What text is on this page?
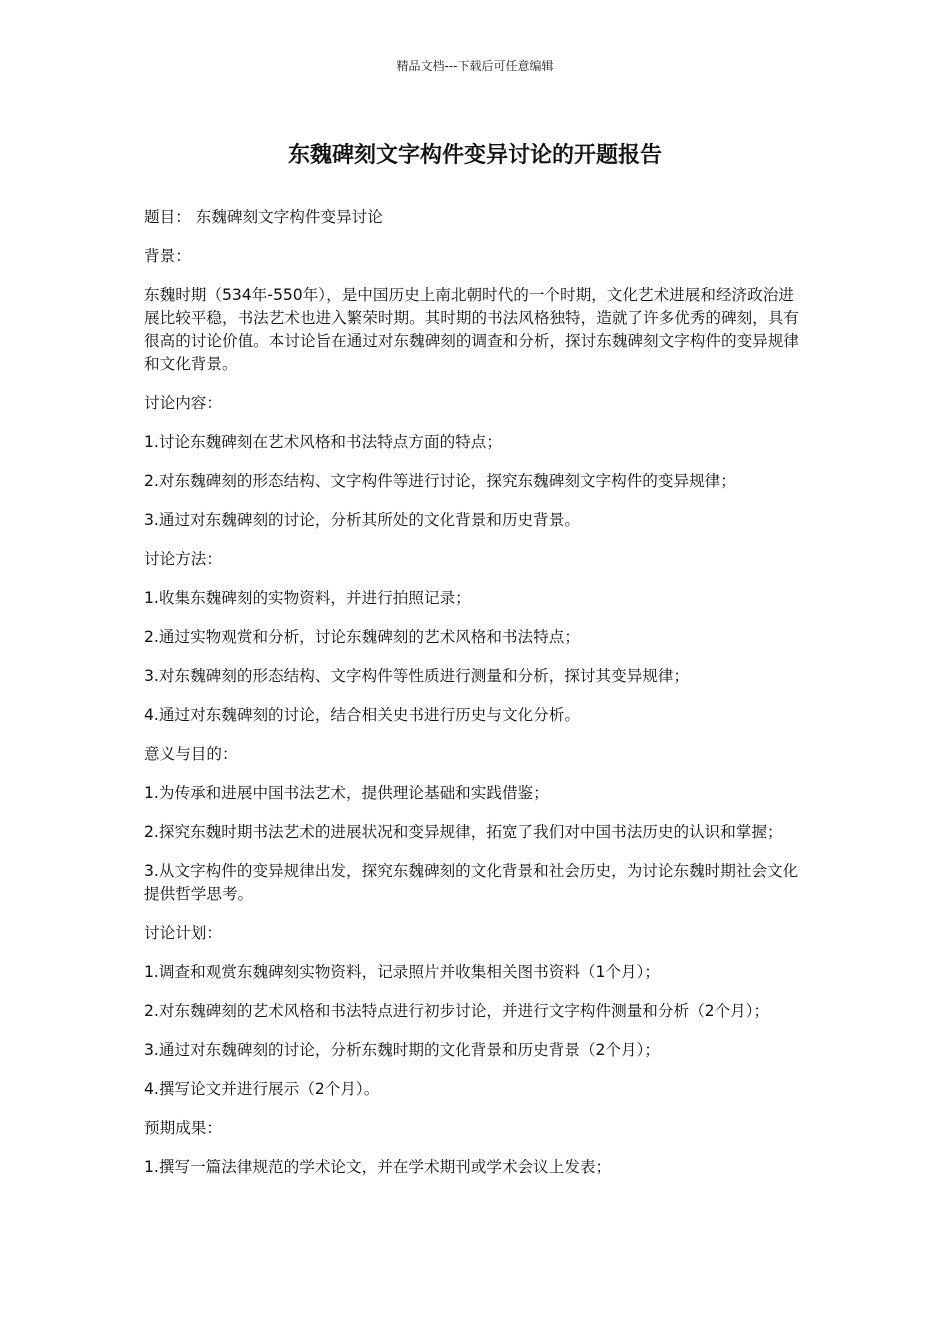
精品文档---下载后可任意编辑
东魏碑刻文字构件变异讨论的开题报告

题目： 东魏碑刻文字构件变异讨论

背景：

东魏时期（534年-550年），是中国历史上南北朝时代的一个时期，文化艺术进展和经济政治进展比较平稳，书法艺术也进入繁荣时期。其时期的书法风格独特，造就了许多优秀的碑刻，具有很高的讨论价值。本讨论旨在通过对东魏碑刻的调查和分析，探讨东魏碑刻文字构件的变异规律和文化背景。

讨论内容：

1.讨论东魏碑刻在艺术风格和书法特点方面的特点；

2.对东魏碑刻的形态结构、文字构件等进行讨论，探究东魏碑刻文字构件的变异规律；

3.通过对东魏碑刻的讨论，分析其所处的文化背景和历史背景。

讨论方法：

1.收集东魏碑刻的实物资料，并进行拍照记录；

2.通过实物观赏和分析，讨论东魏碑刻的艺术风格和书法特点；

3.对东魏碑刻的形态结构、文字构件等性质进行测量和分析，探讨其变异规律；

4.通过对东魏碑刻的讨论，结合相关史书进行历史与文化分析。

意义与目的：

1.为传承和进展中国书法艺术，提供理论基础和实践借鉴；

2.探究东魏时期书法艺术的进展状况和变异规律，拓宽了我们对中国书法历史的认识和掌握；

3.从文字构件的变异规律出发，探究东魏碑刻的文化背景和社会历史，为讨论东魏时期社会文化提供哲学思考。

讨论计划：

1.调查和观赏东魏碑刻实物资料，记录照片并收集相关图书资料（1个月）；

2.对东魏碑刻的艺术风格和书法特点进行初步讨论，并进行文字构件测量和分析（2个月）；

3.通过对东魏碑刻的讨论，分析东魏时期的文化背景和历史背景（2个月）；

4.撰写论文并进行展示（2个月）。

预期成果：

1.撰写一篇法律规范的学术论文，并在学术期刊或学术会议上发表；
